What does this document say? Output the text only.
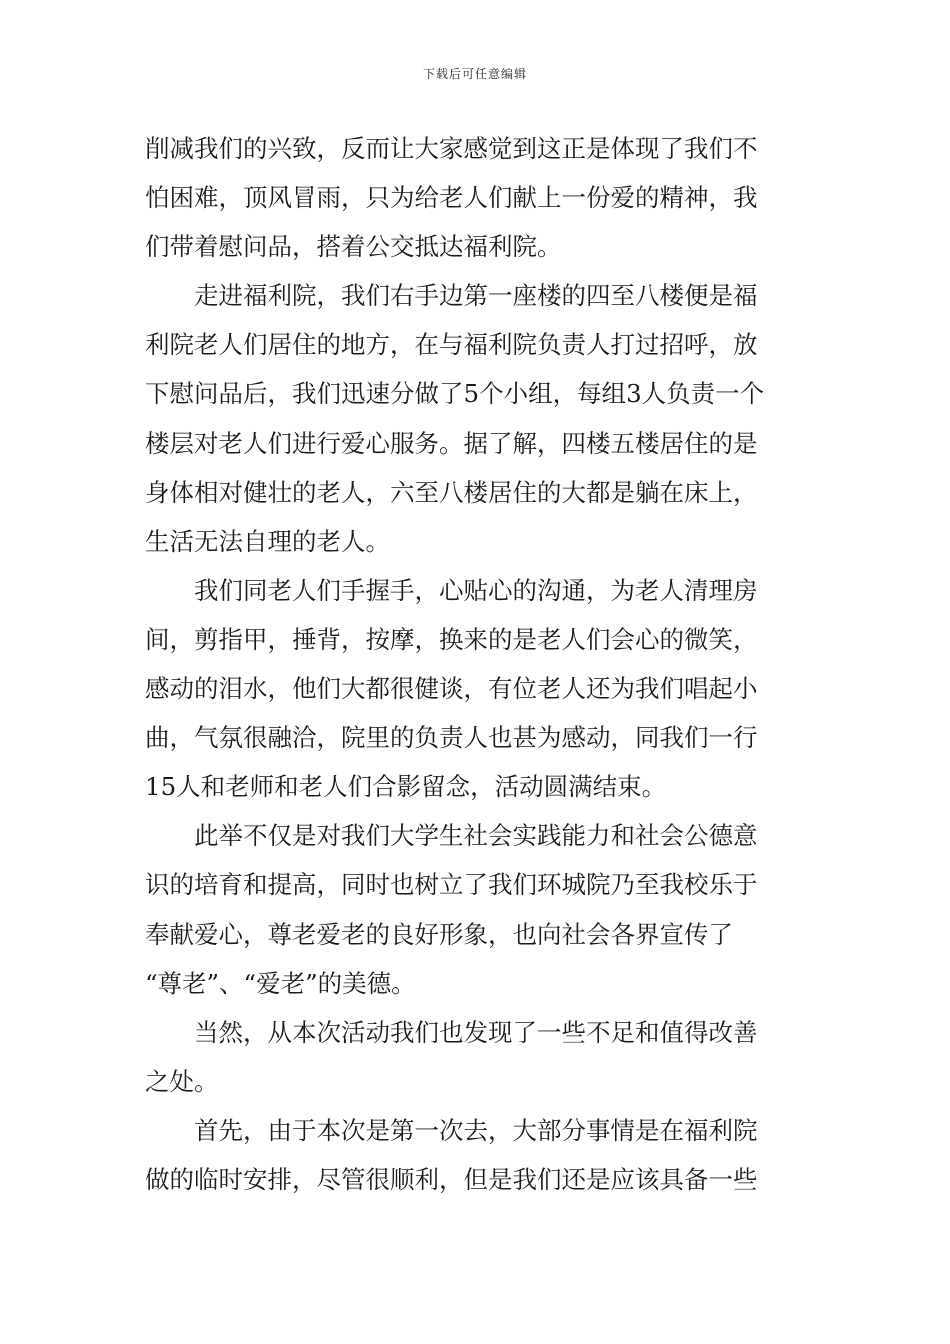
下载后可任意编辑
削减我们的兴致，反而让大家感觉到这正是体现了我们不
怕困难，顶风冒雨，只为给老人们献上一份爱的精神，我
们带着慰问品，搭着公交抵达福利院。
走进福利院，我们右手边第一座楼的四至八楼便是福
利院老人们居住的地方，在与福利院负责人打过招呼，放
下慰问品后，我们迅速分做了5个小组，每组3人负责一个
楼层对老人们进行爱心服务。据了解，四楼五楼居住的是
身体相对健壮的老人，六至八楼居住的大都是躺在床上，
生活无法自理的老人。
我们同老人们手握手，心贴心的沟通，为老人清理房
间，剪指甲，捶背，按摩，换来的是老人们会心的微笑，
感动的泪水，他们大都很健谈，有位老人还为我们唱起小
曲，气氛很融洽，院里的负责人也甚为感动，同我们一行
15人和老师和老人们合影留念，活动圆满结束。
此举不仅是对我们大学生社会实践能力和社会公德意
识的培育和提高，同时也树立了我们环城院乃至我校乐于
奉献爱心，尊老爱老的良好形象，也向社会各界宣传了
“尊老”、“爱老”的美德。
当然，从本次活动我们也发现了一些不足和值得改善
之处。
首先，由于本次是第一次去，大部分事情是在福利院
做的临时安排，尽管很顺利，但是我们还是应该具备一些
